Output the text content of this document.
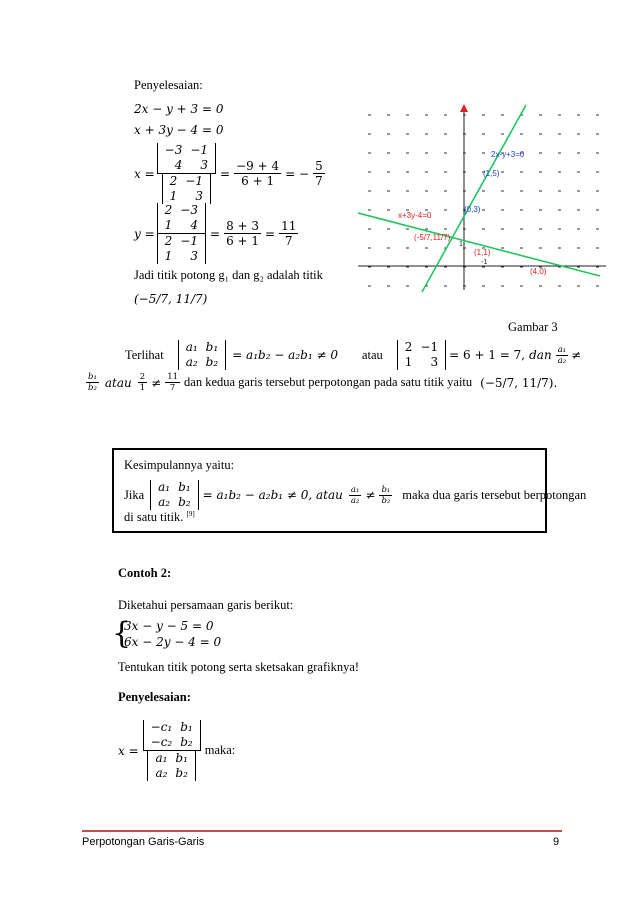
Penyelesaian:
2x − y + 3 = 0
x + 3y − 4 = 0
x = −3	−1
4	3
2	−1
1	$3 = \frac{-9 + 4}{6 + 1}$ = − $\frac{5}{7}$
y = 2	−3
1	4
2	−1
1	$3 = \frac{8 + 3}{6 + 1} = \frac{11}{7}$
Jadi titik potong g₁ dan g₂ adalah titik
(−5/7, 11/7)
2x-y+3=0
(1,5)
(0,3)
x+3y-4=0
(-5/7,11/7)
(1,1)
(4,0)
1
-1
Gambar 3
Terlihat
a₁	b₁
a₂	b₂ = a₁b₂ − a₂b₁ ≠ 0 atau
2	−1
1	3 = 6 + 1 = 7, dan $\frac{\text{a₁}}{\text{a₂}}$ ≠
$\frac{\text{b₁}}{\text{b₂}}$ atau $\frac{2}{1} \ne \frac{11}{7}$ dan kedua garis tersebut perpotongan pada satu titik yaitu (−5/7, 11/7).
Kesimpulannya yaitu:
Jika
a₁	b₁
a₂	b₂ = a₁b₂ − a₂b₁ ≠ 0, atau $\frac{\text{a₁}}{\text{a₂}} \ne \frac{\text{b₁}}{\text{b₂}}$ maka dua garis tersebut berpotongan
di satu titik. [9]
Contoh 2:
Diketahui persamaan garis berikut:
{
3x − y − 5 = 0
6x − 2y − 4 = 0
Tentukan titik potong serta sketsakan grafiknya!
Penyelesaian:
x = −c₁	b₁
−c₂	b₂
a₁	b₁
a₂	b₂ maka:
Perpotongan Garis-Garis	9
